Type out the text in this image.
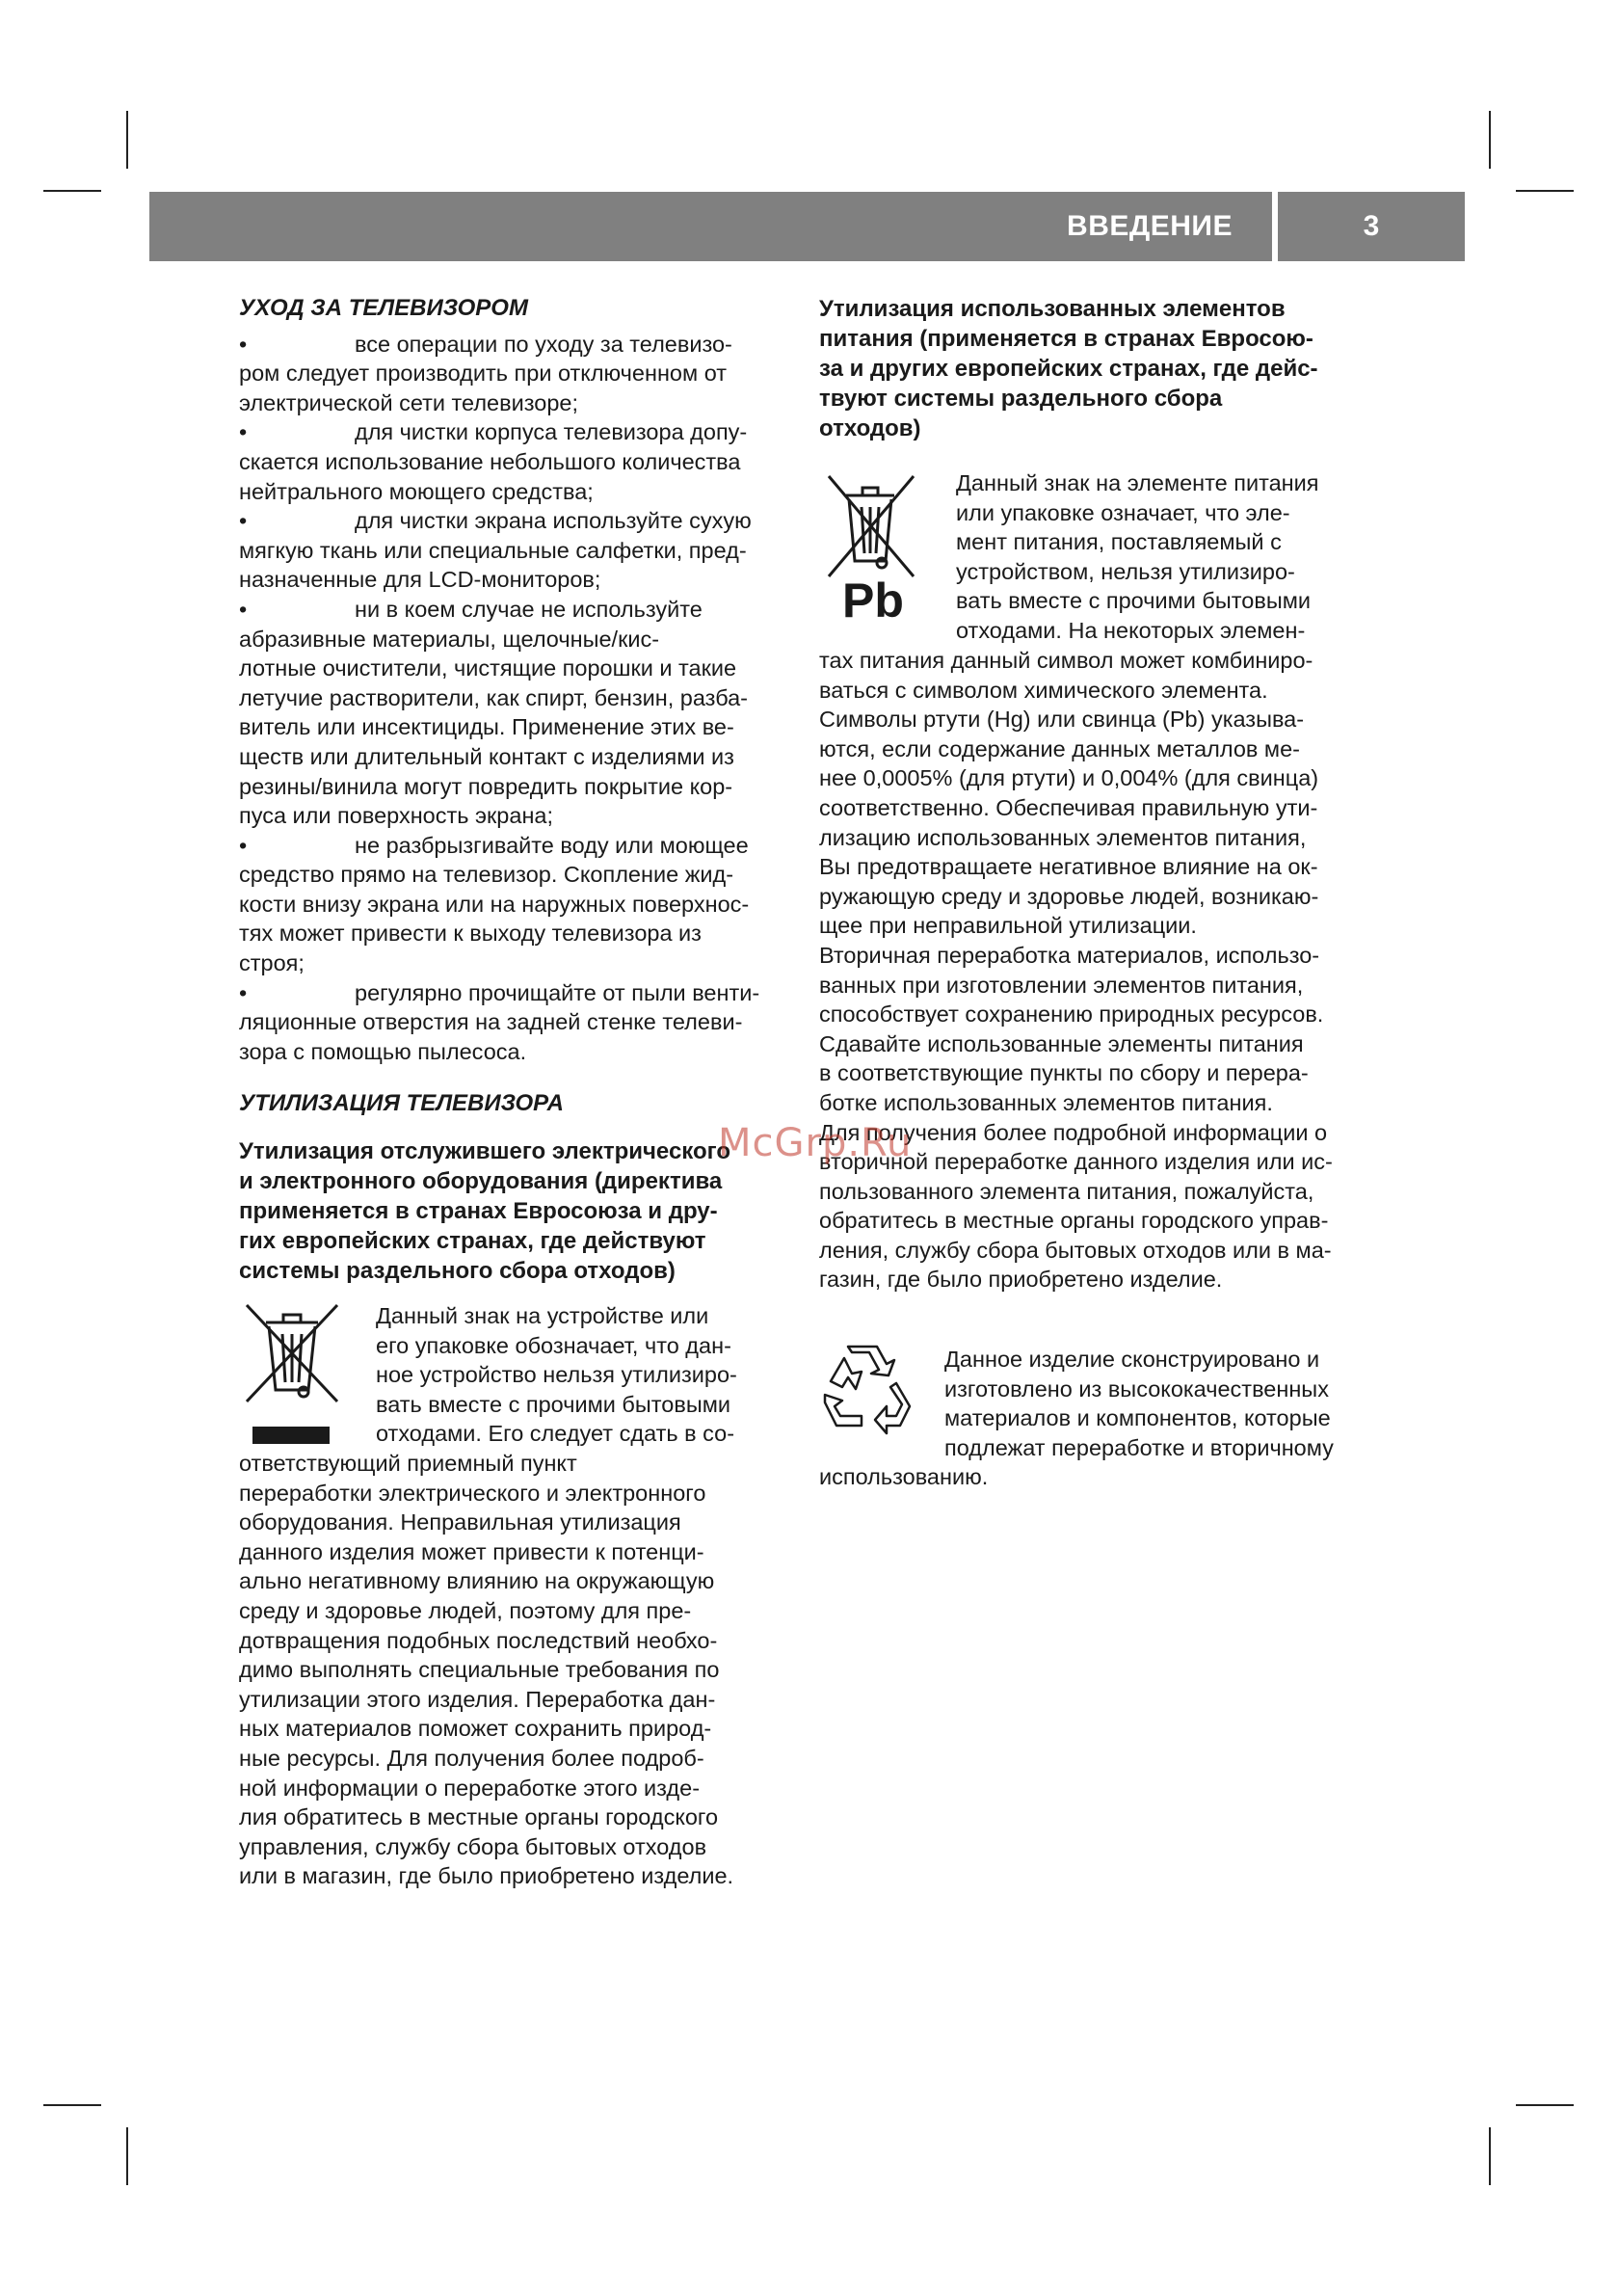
ВВЕДЕНИЕ	3
УХОД ЗА ТЕЛЕВИЗОРОМ
•	все операции по уходу за телевизо-
ром следует производить при отключенном от
электрической сети телевизоре;
•	для чистки корпуса телевизора допу-
скается использование небольшого количества
нейтрального моющего средства;
•	для чистки экрана используйте сухую
мягкую ткань или специальные салфетки, пред-
назначенные для LCD-мониторов;
•	ни в коем случае не используйте
абразивные материалы, щелочные/кис-
лотные очистители, чистящие порошки и такие
летучие растворители, как спирт, бензин, разба-
витель или инсектициды. Применение этих ве-
ществ или длительный контакт с изделиями из
резины/винила могут повредить покрытие кор-
пуса или поверхность экрана;
•	не разбрызгивайте воду или моющее
средство прямо на телевизор. Скопление жид-
кости внизу экрана или на наружных поверхнос-
тях может привести к выходу телевизора из
строя;
•	регулярно прочищайте от пыли венти-
ляционные отверстия на задней стенке телеви-
зора с помощью пылесоса.
УТИЛИЗАЦИЯ ТЕЛЕВИЗОРА
Утилизация отслужившего электрического
и электронного оборудования (директива
применяется в странах Евросоюза и дру-
гих европейских странах, где действуют
системы раздельного сбора отходов)
Данный знак на устройстве или
его упаковке обозначает, что дан-
ное устройство нельзя утилизиро-
вать вместе с прочими бытовыми
отходами. Его следует сдать в со-
ответствующий приемный пункт
переработки электрического и электронного
оборудования. Неправильная утилизация
данного изделия может привести к потенци-
ально негативному влиянию на окружающую
среду и здоровье людей, поэтому для пре-
дотвращения подобных последствий необхо-
димо выполнять специальные требования по
утилизации этого изделия. Переработка дан-
ных материалов поможет сохранить природ-
ные ресурсы. Для получения более подроб-
ной информации о переработке этого изде-
лия обратитесь в местные органы городского
управления, службу сбора бытовых отходов
или в магазин, где было приобретено изделие.
Утилизация использованных элементов
питания (применяется в странах Евросою-
за и других европейских странах, где дейс-
твуют системы раздельного сбора
отходов)
Pb
Данный знак на элементе питания
или упаковке означает, что эле-
мент питания, поставляемый с
устройством, нельзя утилизиро-
вать вместе с прочими бытовыми
отходами. На некоторых элемен-
тах питания данный символ может комбиниро-
ваться с символом химического элемента.
Символы ртути (Hg) или свинца (Pb) указыва-
ются, если содержание данных металлов ме-
нее 0,0005% (для ртути) и 0,004% (для свинца)
соответственно. Обеспечивая правильную ути-
лизацию использованных элементов питания,
Вы предотвращаете негативное влияние на ок-
ружающую среду и здоровье людей, возникаю-
щее при неправильной утилизации.
Вторичная переработка материалов, использо-
ванных при изготовлении элементов питания,
способствует сохранению природных ресурсов.
Сдавайте использованные элементы питания
в соответствующие пункты по сбору и перера-
ботке использованных элементов питания.
Для получения более подробной информации о
вторичной переработке данного изделия или ис-
пользованного элемента питания, пожалуйста,
обратитесь в местные органы городского управ-
ления, службу сбора бытовых отходов или в ма-
газин, где было приобретено изделие.
Данное изделие сконструировано и
изготовлено из высококачественных
материалов и компонентов, которые
подлежат переработке и вторичному
использованию.
McGrp.Ru
